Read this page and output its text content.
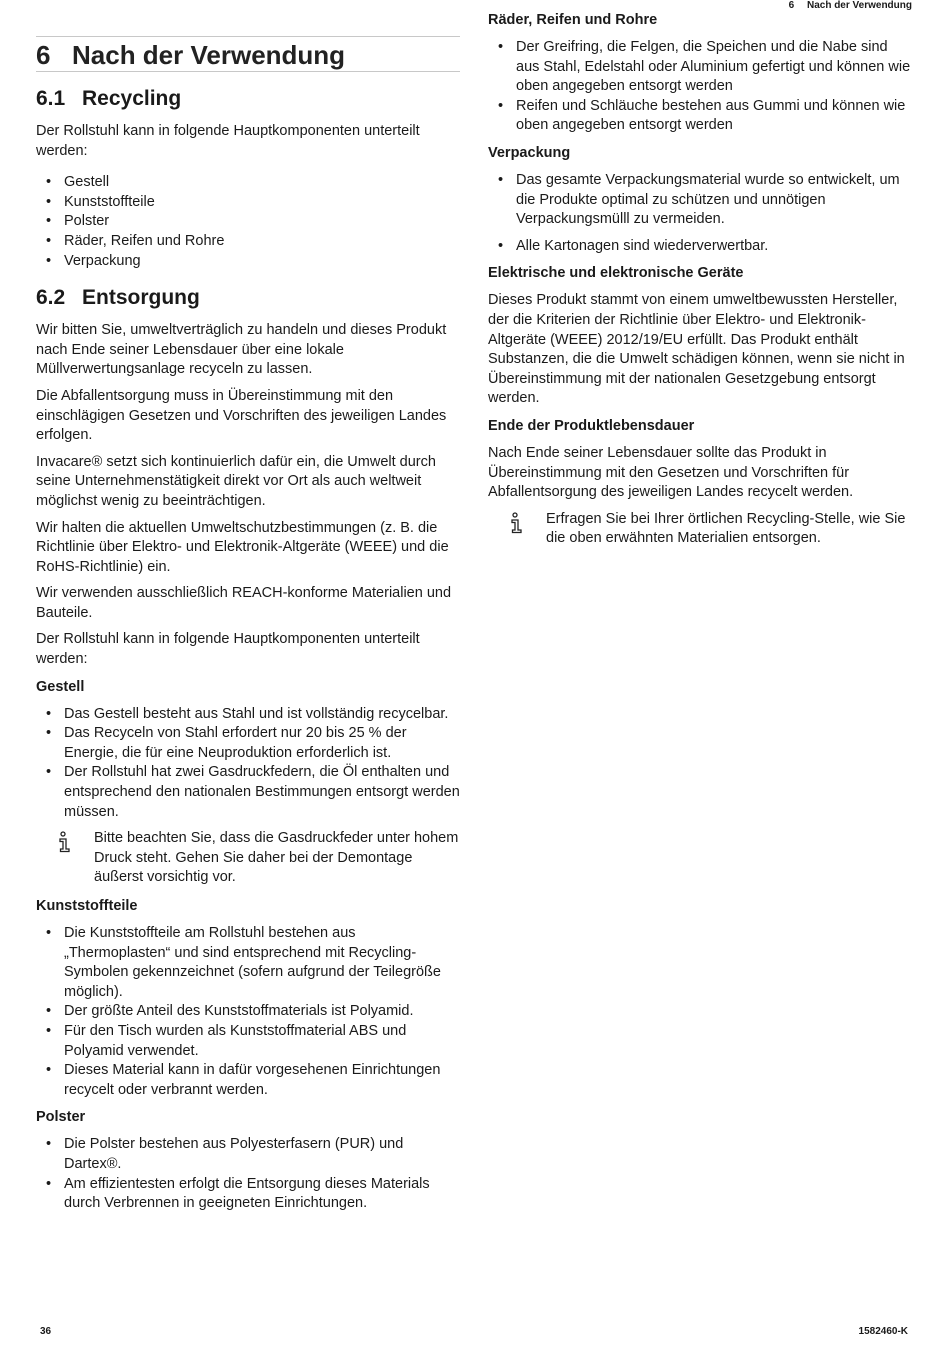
6 Nach der Verwendung
6 Nach der Verwendung
6.1 Recycling

Der Rollstuhl kann in folgende Hauptkomponenten unterteilt werden:

• Gestell
• Kunststoffteile
• Polster
• Räder, Reifen und Rohre
• Verpackung
6.2 Entsorgung

Wir bitten Sie, umweltverträglich zu handeln und dieses Produkt nach Ende seiner Lebensdauer über eine lokale Müllverwertungsanlage recyceln zu lassen.

Die Abfallentsorgung muss in Übereinstimmung mit den einschlägigen Gesetzen und Vorschriften des jeweiligen Landes erfolgen.

Invacare® setzt sich kontinuierlich dafür ein, die Umwelt durch seine Unternehmenstätigkeit direkt vor Ort als auch weltweit möglichst wenig zu beeinträchtigen.

Wir halten die aktuellen Umweltschutzbestimmungen (z. B. die Richtlinie über Elektro- und Elektronik-Altgeräte (WEEE) und die RoHS-Richtlinie) ein.

Wir verwenden ausschließlich REACH-konforme Materialien und Bauteile.

Der Rollstuhl kann in folgende Hauptkomponenten unterteilt werden:

Gestell
• Das Gestell besteht aus Stahl und ist vollständig recycelbar.
• Das Recyceln von Stahl erfordert nur 20 bis 25 % der Energie, die für eine Neuproduktion erforderlich ist.
• Der Rollstuhl hat zwei Gasdruckfedern, die Öl enthalten und entsprechend den nationalen Bestimmungen entsorgt werden müssen.
Bitte beachten Sie, dass die Gasdruckfeder unter hohem Druck steht. Gehen Sie daher bei der Demontage äußerst vorsichtig vor.
Kunststoffteile
• Die Kunststoffteile am Rollstuhl bestehen aus „Thermoplasten“ und sind entsprechend mit Recycling-Symbolen gekennzeichnet (sofern aufgrund der Teilegröße möglich).
• Der größte Anteil des Kunststoffmaterials ist Polyamid.
• Für den Tisch wurden als Kunststoffmaterial ABS und Polyamid verwendet.
• Dieses Material kann in dafür vorgesehenen Einrichtungen recycelt oder verbrannt werden.
Polster
• Die Polster bestehen aus Polyesterfasern (PUR) und Dartex®.
• Am effizientesten erfolgt die Entsorgung dieses Materials durch Verbrennen in geeigneten Einrichtungen.
Räder, Reifen und Rohre
• Der Greifring, die Felgen, die Speichen und die Nabe sind aus Stahl, Edelstahl oder Aluminium gefertigt und können wie oben angegeben entsorgt werden
• Reifen und Schläuche bestehen aus Gummi und können wie oben angegeben entsorgt werden
Verpackung
• Das gesamte Verpackungsmaterial wurde so entwickelt, um die Produkte optimal zu schützen und unnötigen Verpackungsmülll zu vermeiden.
• Alle Kartonagen sind wiederverwertbar.
Elektrische und elektronische Geräte

Dieses Produkt stammt von einem umweltbewussten Hersteller, der die Kriterien der Richtlinie über Elektro- und Elektronik-Altgeräte (WEEE) 2012/19/EU erfüllt. Das Produkt enthält Substanzen, die die Umwelt schädigen können, wenn sie nicht in Übereinstimmung mit der nationalen Gesetzgebung entsorgt werden.

Ende der Produktlebensdauer

Nach Ende seiner Lebensdauer sollte das Produkt in Übereinstimmung mit den Gesetzen und Vorschriften für Abfallentsorgung des jeweiligen Landes recycelt werden.

Erfragen Sie bei Ihrer örtlichen Recycling-Stelle, wie Sie die oben erwähnten Materialien entsorgen.
36	1582460-K
